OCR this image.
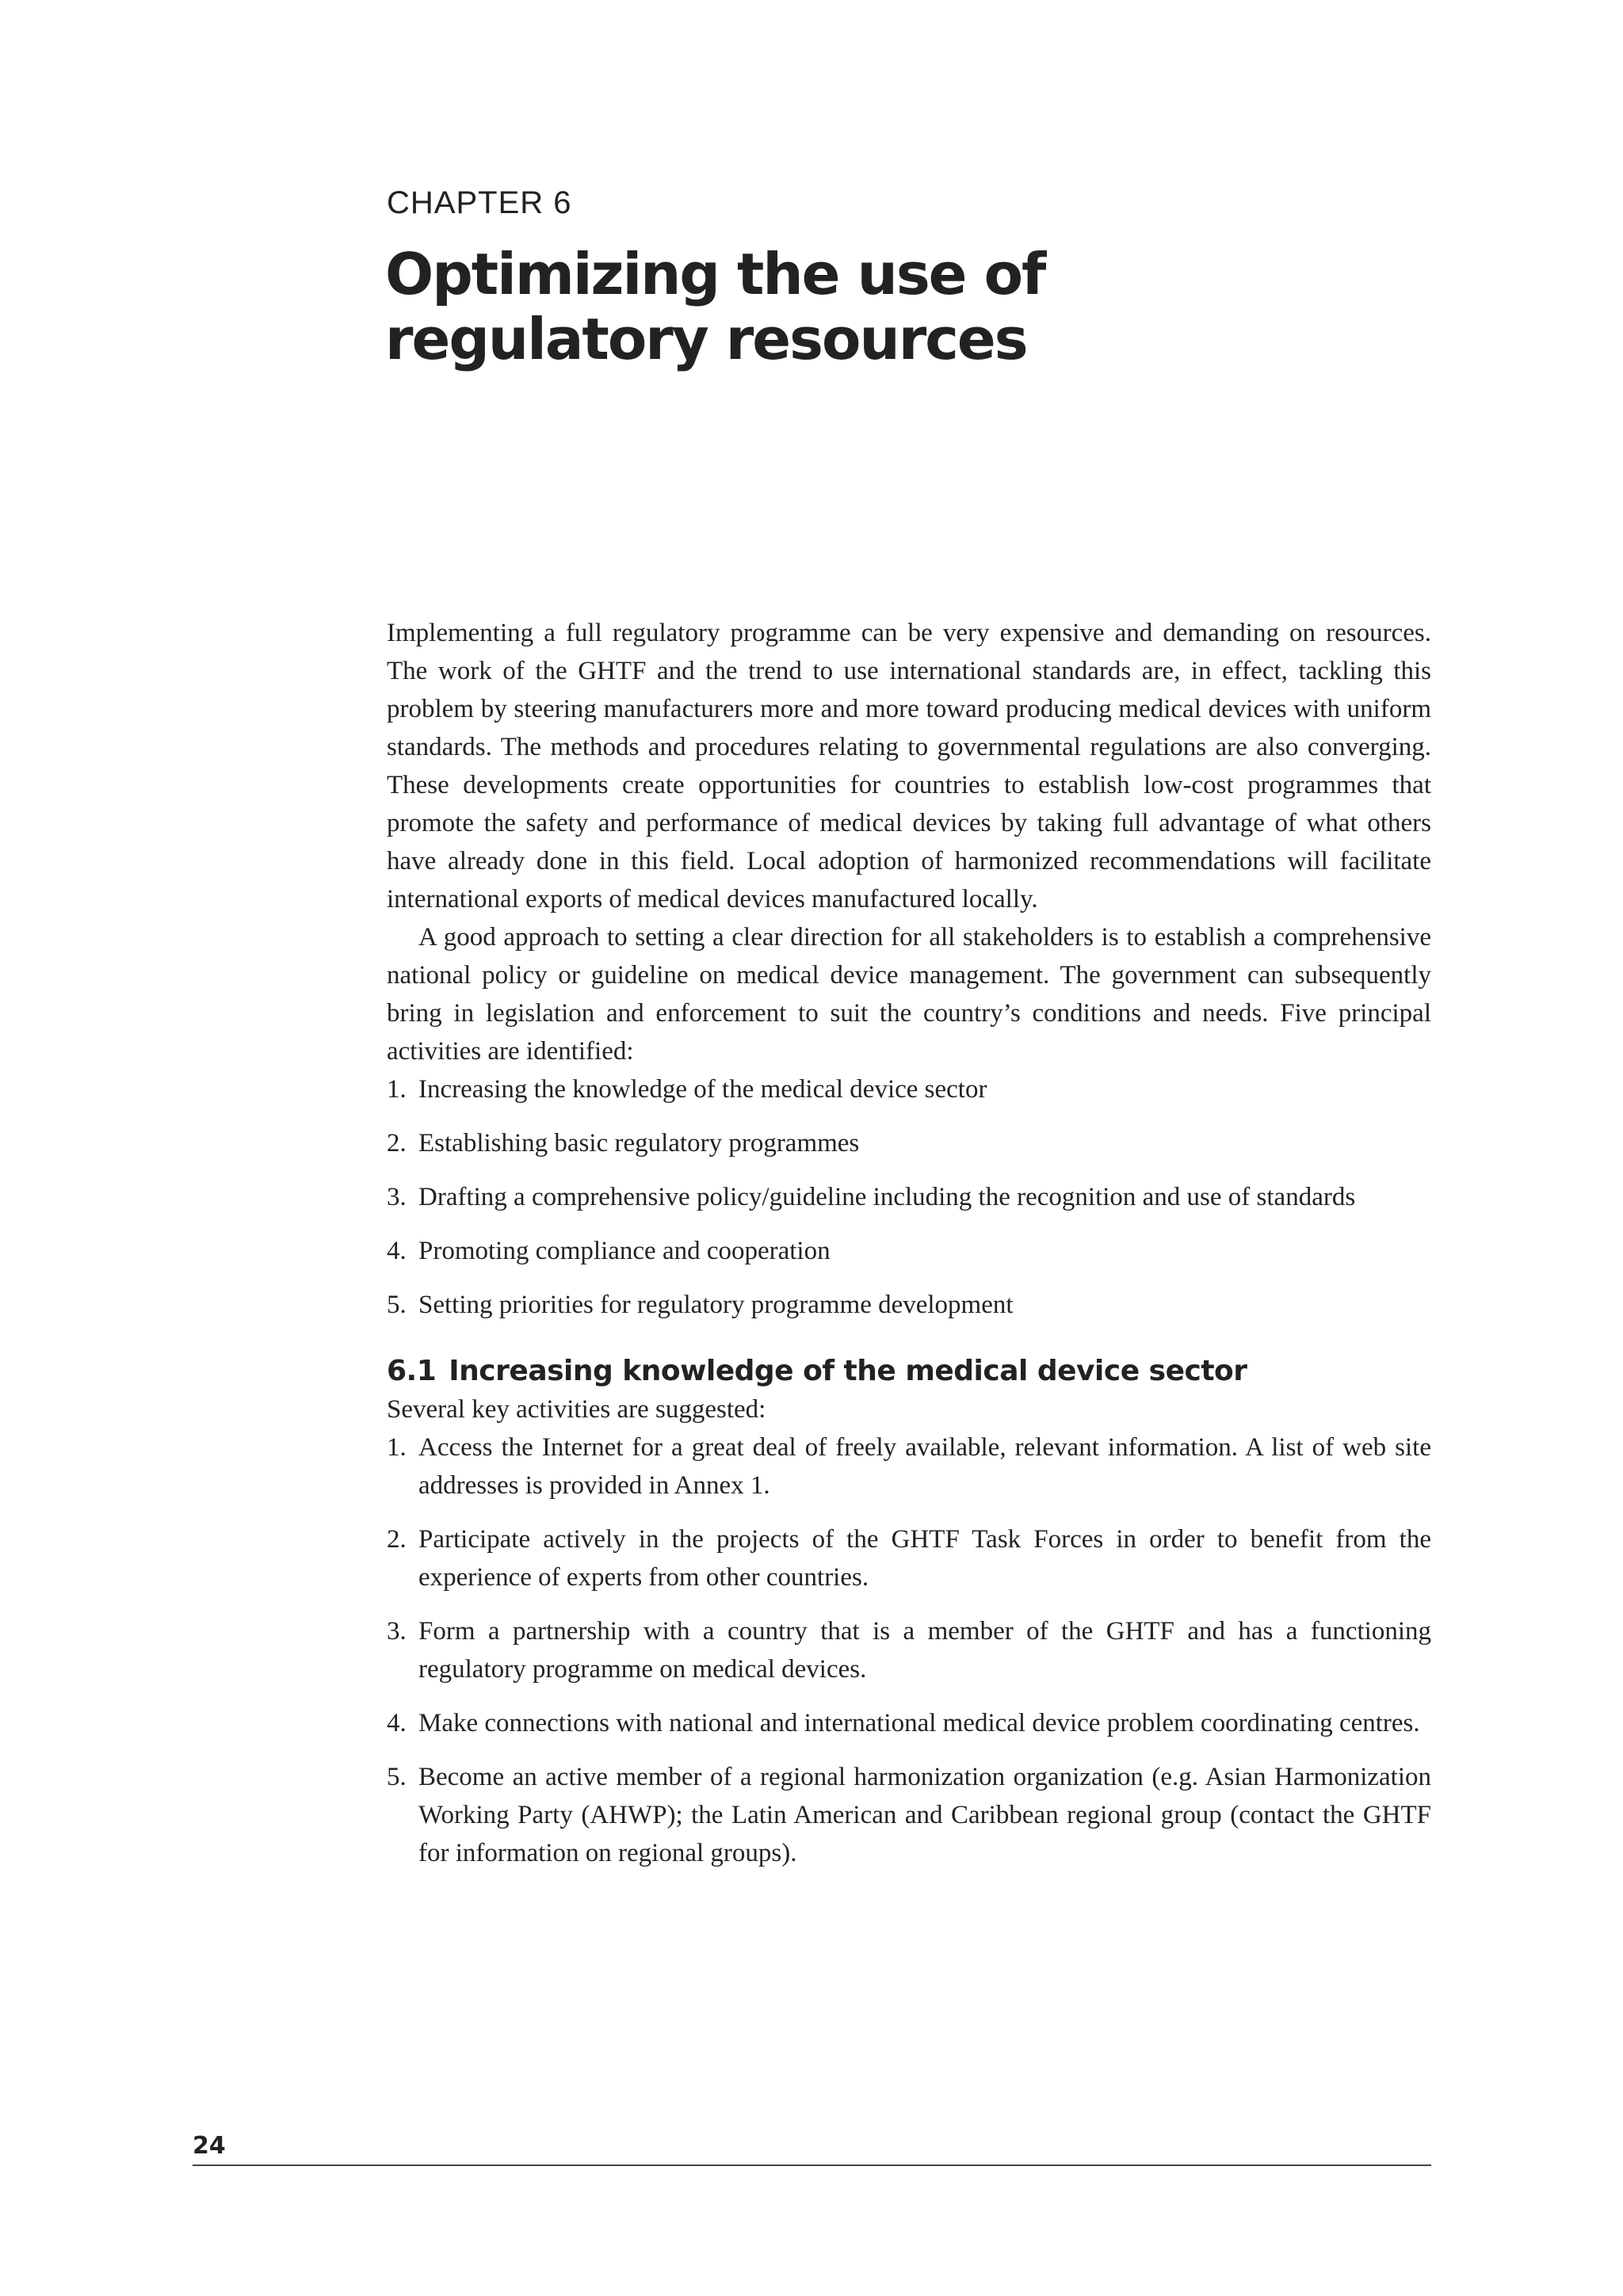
CHAPTER 6

Optimizing the use of regulatory resources

Implementing a full regulatory programme can be very expensive and demanding on resources. The work of the GHTF and the trend to use international standards are, in effect, tackling this problem by steering manufacturers more and more toward producing medical devices with uniform standards. The methods and procedures relating to governmental regulations are also converging. These developments create opportunities for countries to establish low-cost programmes that promote the safety and performance of medical devices by taking full advantage of what others have already done in this field. Local adoption of harmonized recommendations will facilitate international exports of medical devices manufactured locally.

A good approach to setting a clear direction for all stakeholders is to establish a comprehensive national policy or guideline on medical device management. The government can subsequently bring in legislation and enforcement to suit the country’s conditions and needs. Five principal activities are identified:

1. Increasing the knowledge of the medical device sector
2. Establishing basic regulatory programmes
3. Drafting a comprehensive policy/guideline including the recognition and use of standards
4. Promoting compliance and cooperation
5. Setting priorities for regulatory programme development
6.1 Increasing knowledge of the medical device sector

Several key activities are suggested:

1. Access the Internet for a great deal of freely available, relevant information. A list of web site addresses is provided in Annex 1.
2. Participate actively in the projects of the GHTF Task Forces in order to benefit from the experience of experts from other countries.
3. Form a partnership with a country that is a member of the GHTF and has a functioning regulatory programme on medical devices.
4. Make connections with national and international medical device problem coordinating centres.
5. Become an active member of a regional harmonization organization (e.g. Asian Harmonization Working Party (AHWP); the Latin American and Caribbean regional group (contact the GHTF for information on regional groups).
24
